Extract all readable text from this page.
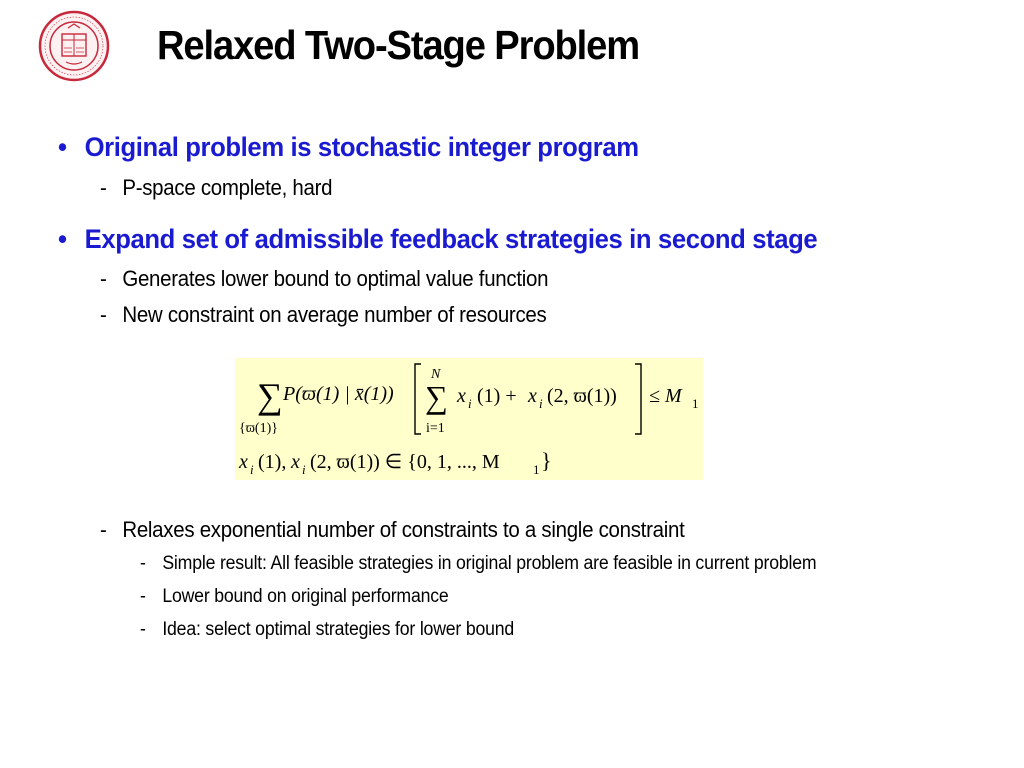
Relaxed Two-Stage Problem
• Original problem is stochastic integer program
- P-space complete, hard
• Expand set of admissible feedback strategies in second stage
- Generates lower bound to optimal value function
- New constraint on average number of resources
∑
{ϖ(1)}
P(ϖ(1) | x̄(1))
N
∑
i=1
x i (1) + x i (2, ϖ(1)) ≤ M 1
x i (1), x i (2, ϖ(1)) ∈ {0, 1, ..., M	1 }
- Relaxes exponential number of constraints to a single constraint
- Simple result: All feasible strategies in original problem are feasible in current problem
- Lower bound on original performance
- Idea: select optimal strategies for lower bound
